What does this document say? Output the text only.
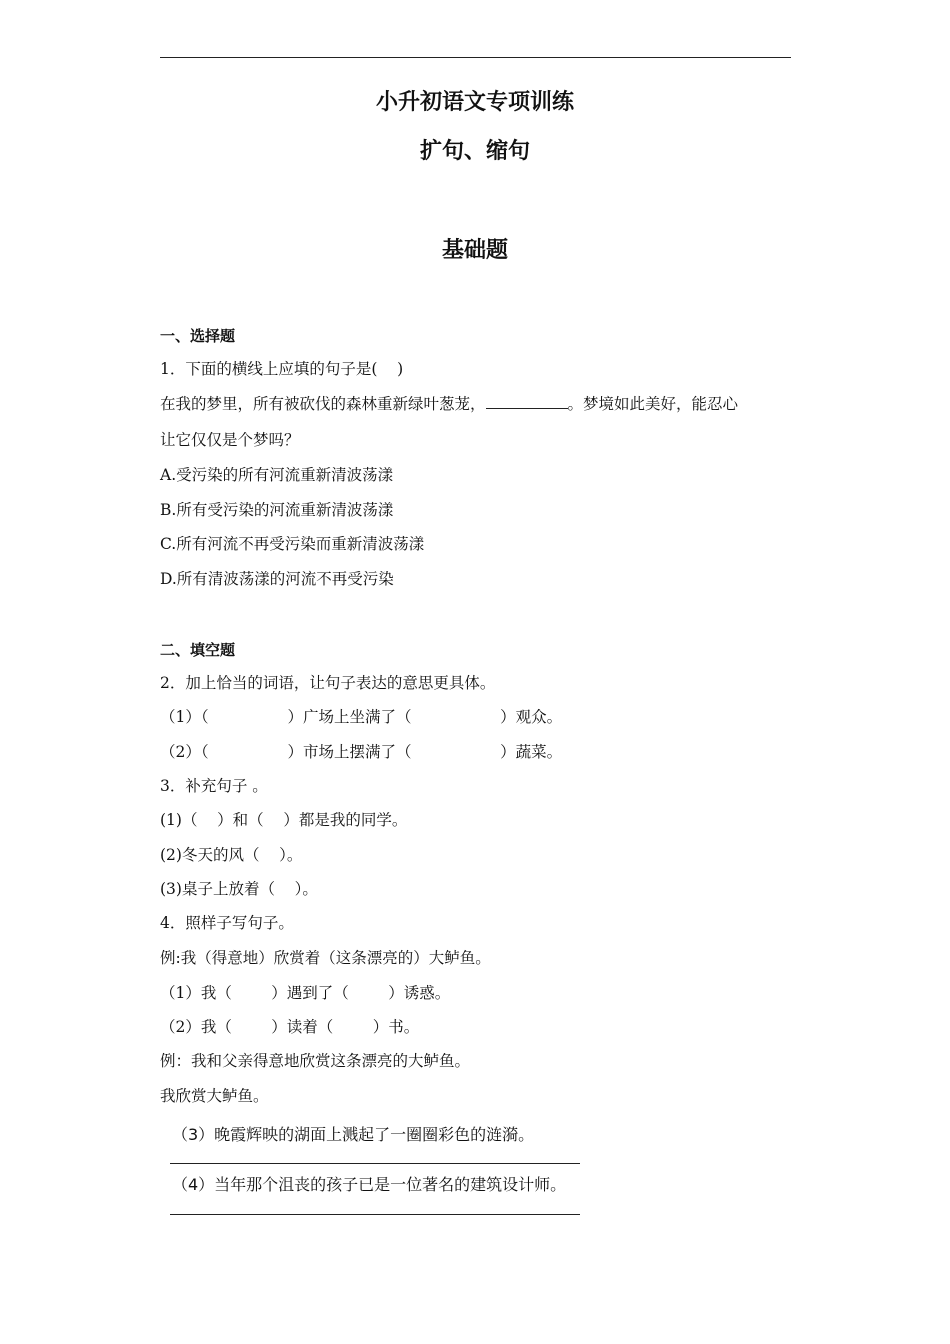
小升初语文专项训练
扩句、缩句
基础题
一、选择题
1．下面的横线上应填的句子是(    )
在我的梦里，所有被砍伐的森林重新绿叶葱茏，	。梦境如此美好，能忍心
让它仅仅是个梦吗？
A.受污染的所有河流重新清波荡漾
B.所有受污染的河流重新清波荡漾
C.所有河流不再受污染而重新清波荡漾
D.所有清波荡漾的河流不再受污染
二、填空题
2．加上恰当的词语，让句子表达的意思更具体。
（1）（                ）广场上坐满了（                  ）观众。
（2）（                ）市场上摆满了（                  ）蔬菜。
3．补充句子 。
(1)（    ）和（    ）都是我的同学。
(2)冬天的风（    ）。
(3)桌子上放着（    ）。
4．照样子写句子。
例:我（得意地）欣赏着（这条漂亮的）大鲈鱼。
（1）我（        ）遇到了（        ）诱惑。
（2）我（        ）读着（        ）书。
例：我和父亲得意地欣赏这条漂亮的大鲈鱼。
我欣赏大鲈鱼。
（3）晚霞辉映的湖面上溅起了一圈圈彩色的涟漪。
（4）当年那个沮丧的孩子已是一位著名的建筑设计师。
